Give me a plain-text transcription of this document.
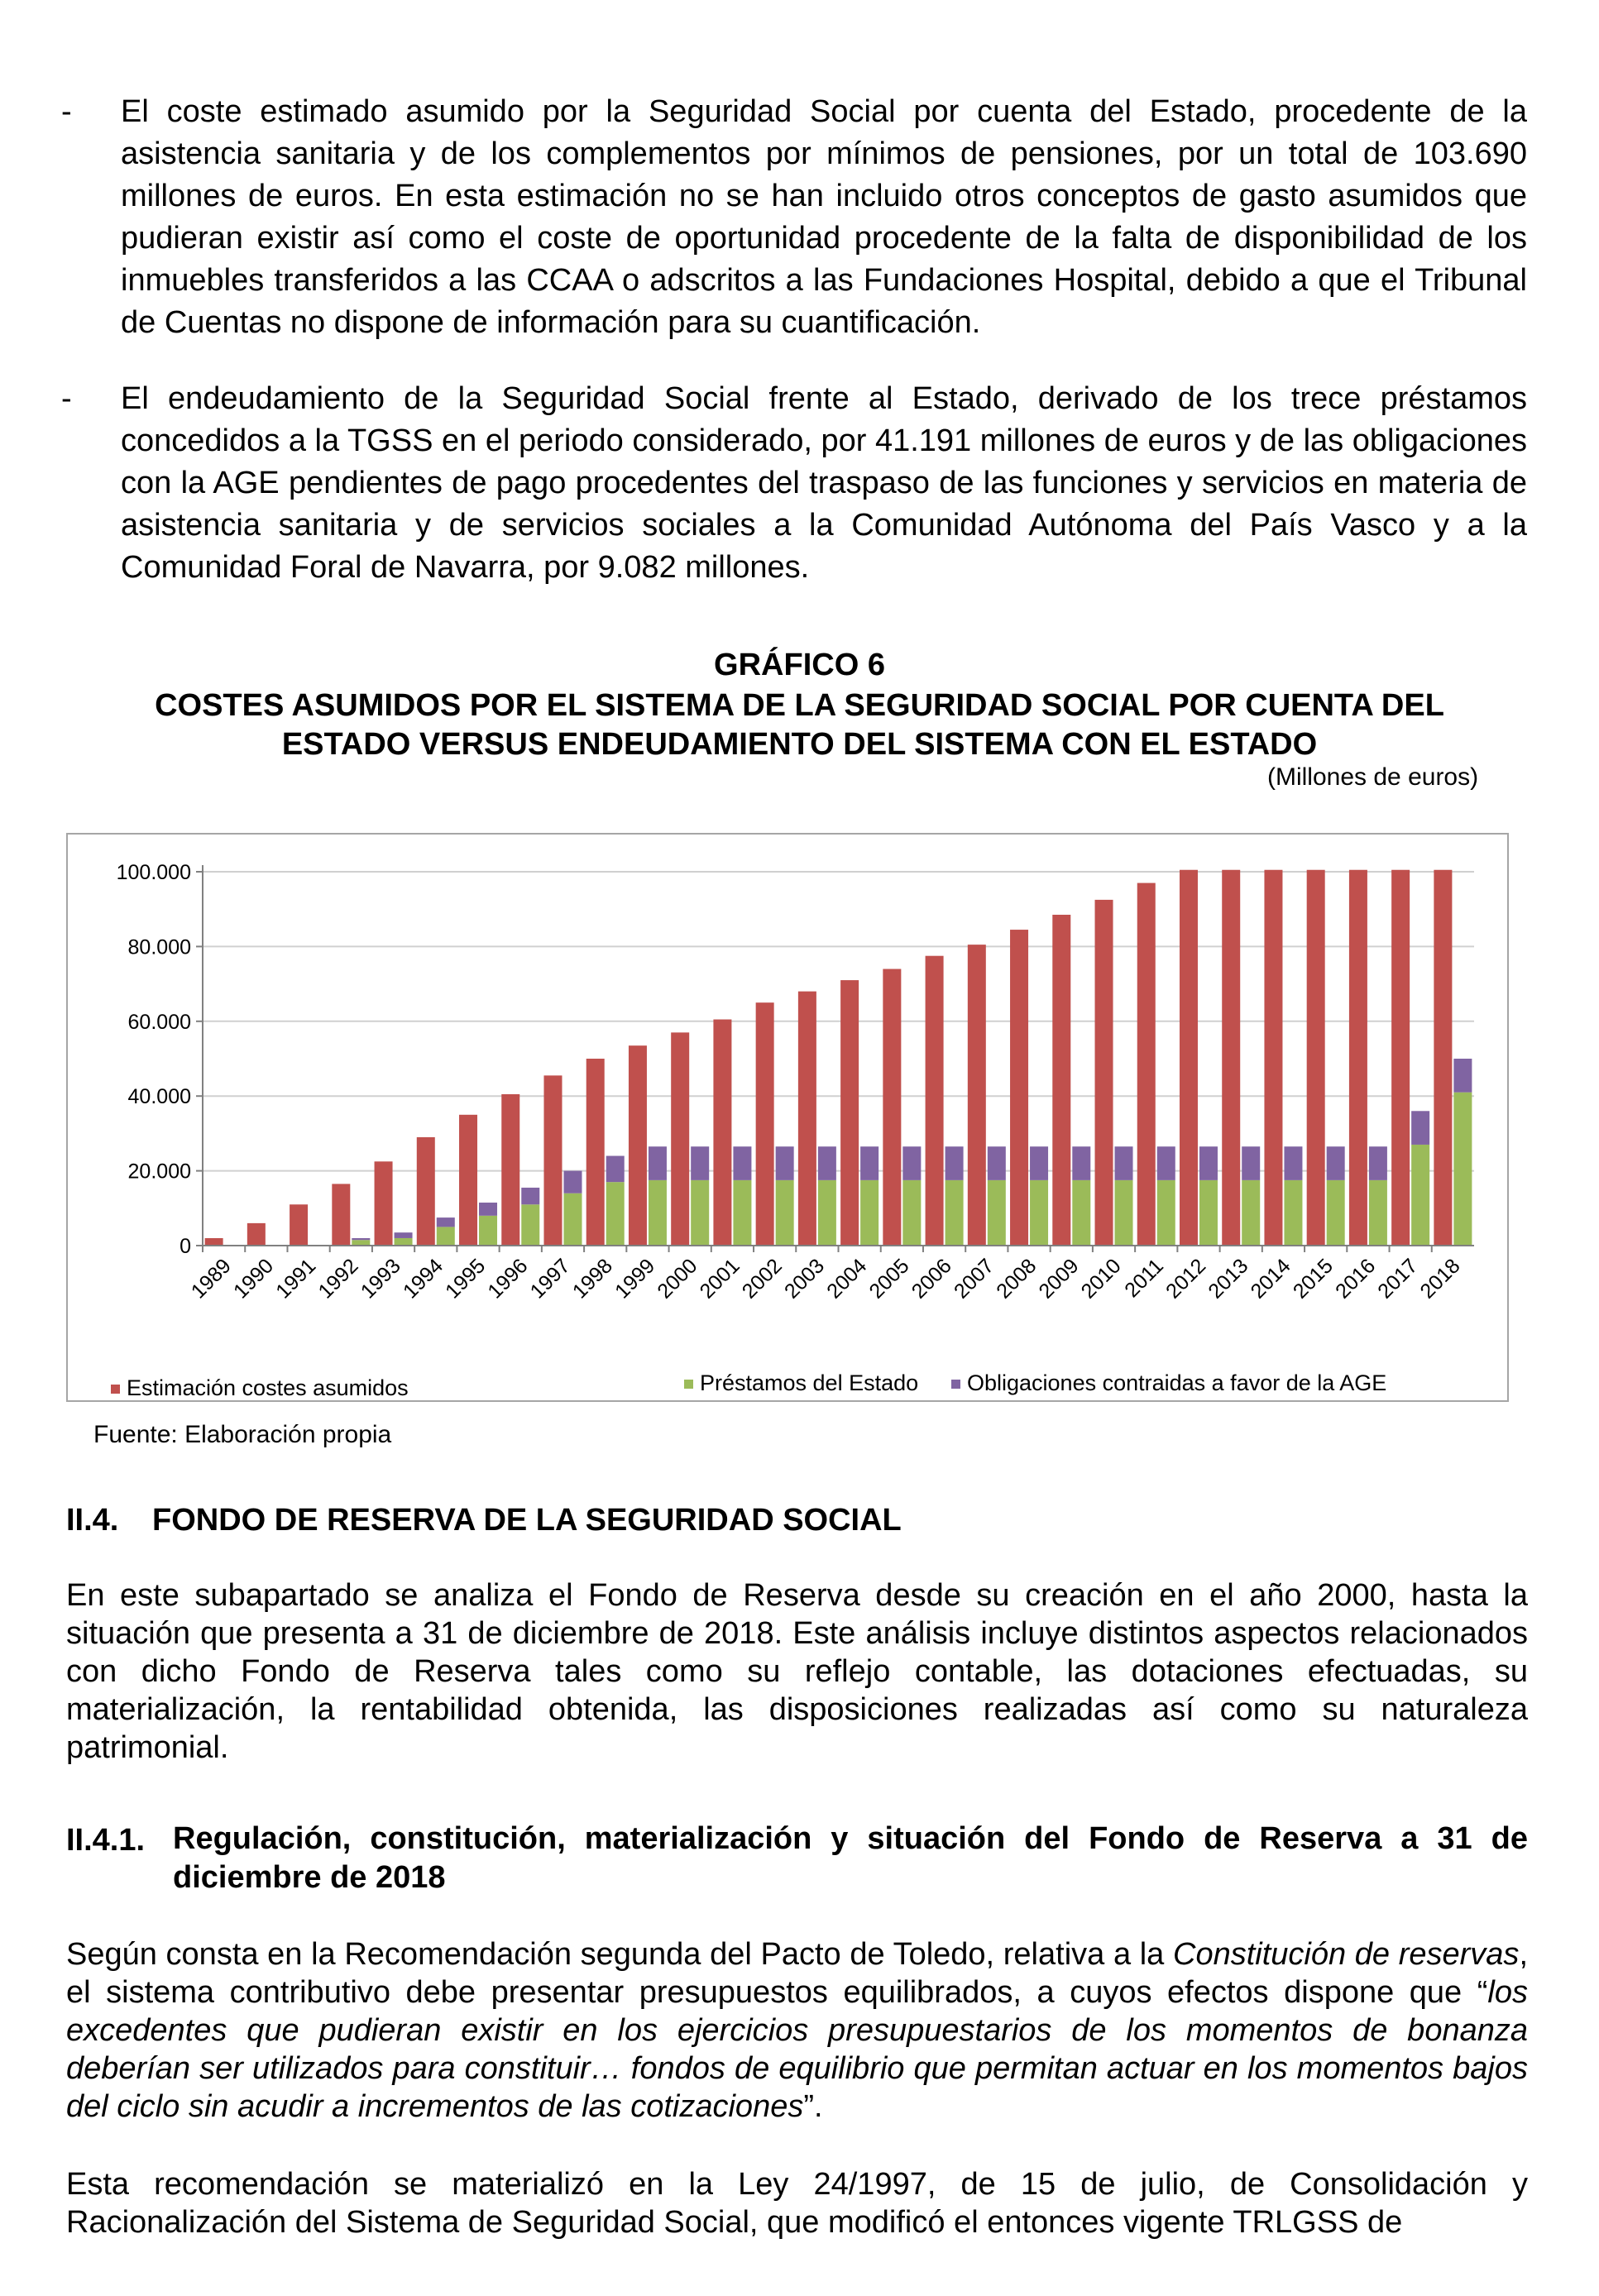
- El coste estimado asumido por la Seguridad Social por cuenta del Estado, procedente de la asistencia sanitaria y de los complementos por mínimos de pensiones, por un total de 103.690 millones de euros. En esta estimación no se han incluido otros conceptos de gasto asumidos que pudieran existir así como el coste de oportunidad procedente de la falta de disponibilidad de los inmuebles transferidos a las CCAA o adscritos a las Fundaciones Hospital, debido a que el Tribunal de Cuentas no dispone de información para su cuantificación.
- El endeudamiento de la Seguridad Social frente al Estado, derivado de los trece préstamos concedidos a la TGSS en el periodo considerado, por 41.191 millones de euros y de las obligaciones con la AGE pendientes de pago procedentes del traspaso de las funciones y servicios en materia de asistencia sanitaria y de servicios sociales a la Comunidad Autónoma del País Vasco y a la Comunidad Foral de Navarra, por 9.082 millones.
GRÁFICO 6
COSTES ASUMIDOS POR EL SISTEMA DE LA SEGURIDAD SOCIAL POR CUENTA DEL
ESTADO VERSUS ENDEUDAMIENTO DEL SISTEMA CON EL ESTADO
(Millones de euros)
0
20.000
40.000
60.000
80.000
100.000
1989
1990
1991
1992
1993
1994
1995
1996
1997
1998
1999
2000
2001
2002
2003
2004
2005
2006
2007
2008
2009
2010
2011
2012
2013
2014
2015
2016
2017
2018
Estimación costes asumidos	Préstamos del Estado	Obligaciones contraidas a favor de la AGE
Fuente: Elaboración propia
II.4. FONDO DE RESERVA DE LA SEGURIDAD SOCIAL
En este subapartado se analiza el Fondo de Reserva desde su creación en el año 2000, hasta la situación que presenta a 31 de diciembre de 2018. Este análisis incluye distintos aspectos relacionados con dicho Fondo de Reserva tales como su reflejo contable, las dotaciones efectuadas, su materialización, la rentabilidad obtenida, las disposiciones realizadas así como su naturaleza patrimonial.
II.4.1. Regulación, constitución, materialización y situación del Fondo de Reserva a 31 de diciembre de 2018
Según consta en la Recomendación segunda del Pacto de Toledo, relativa a la Constitución de reservas, el sistema contributivo debe presentar presupuestos equilibrados, a cuyos efectos dispone que “los excedentes que pudieran existir en los ejercicios presupuestarios de los momentos de bonanza deberían ser utilizados para constituir… fondos de equilibrio que permitan actuar en los momentos bajos del ciclo sin acudir a incrementos de las cotizaciones”.
Esta recomendación se materializó en la Ley 24/1997, de 15 de julio, de Consolidación y Racionalización del Sistema de Seguridad Social, que modificó el entonces vigente TRLGSS de
